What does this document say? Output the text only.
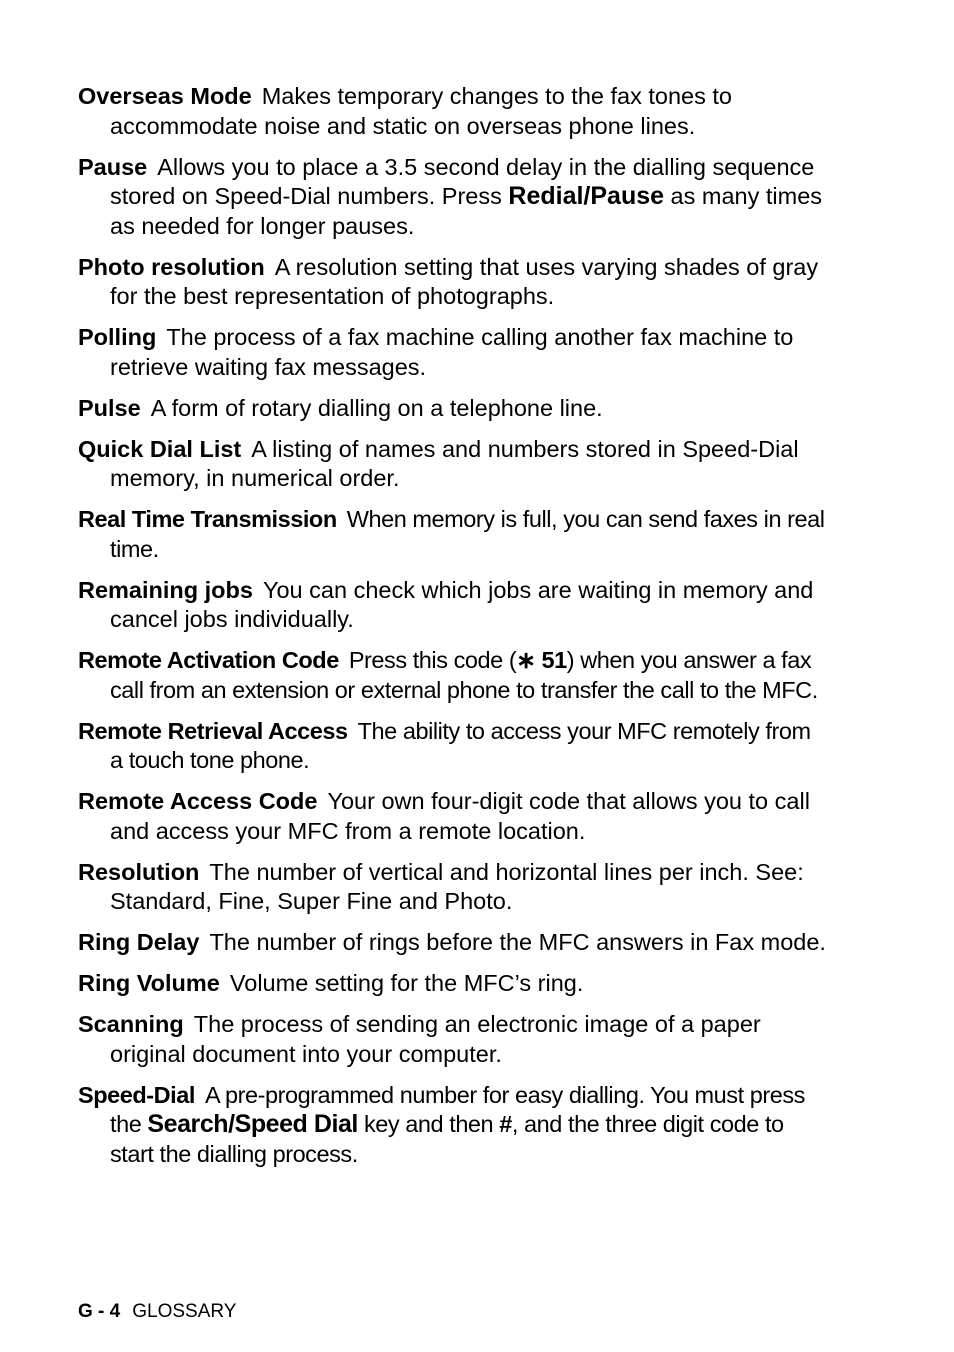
Overseas Mode Makes temporary changes to the fax tones to accommodate noise and static on overseas phone lines.

Pause Allows you to place a 3.5 second delay in the dialling sequence stored on Speed-Dial numbers. Press Redial/Pause as many times as needed for longer pauses.

Photo resolution A resolution setting that uses varying shades of gray for the best representation of photographs.

Polling The process of a fax machine calling another fax machine to retrieve waiting fax messages.

Pulse A form of rotary dialling on a telephone line.

Quick Dial List A listing of names and numbers stored in Speed-Dial memory, in numerical order.

Real Time Transmission When memory is full, you can send faxes in real time.

Remaining jobs You can check which jobs are waiting in memory and cancel jobs individually.

Remote Activation Code Press this code (∗ 51) when you answer a fax call from an extension or external phone to transfer the call to the MFC.

Remote Retrieval Access The ability to access your MFC remotely from a touch tone phone.

Remote Access Code Your own four-digit code that allows you to call and access your MFC from a remote location.

Resolution The number of vertical and horizontal lines per inch. See: Standard, Fine, Super Fine and Photo.

Ring Delay The number of rings before the MFC answers in Fax mode.

Ring Volume Volume setting for the MFC’s ring.

Scanning The process of sending an electronic image of a paper original document into your computer.

Speed-Dial A pre-programmed number for easy dialling. You must press the Search/Speed Dial key and then #, and the three digit code to start the dialling process.

G - 4 GLOSSARY
